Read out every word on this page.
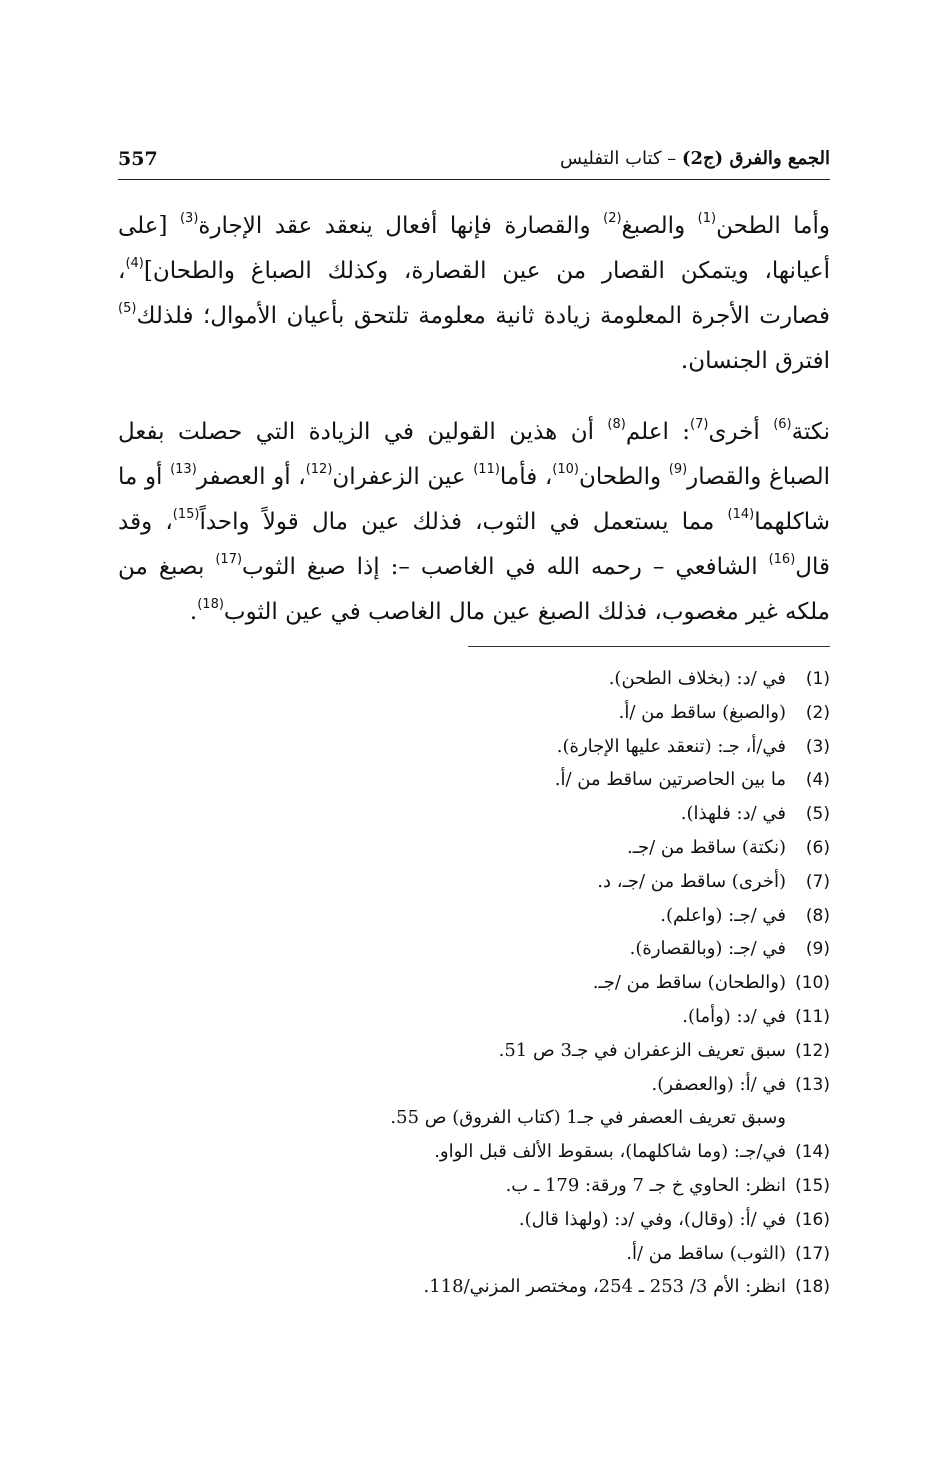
557	الجمع والفرق (ج2) – كتاب التفليس

وأما الطحن$^{(1)}$ والصبغ$^{(2)}$ والقصارة فإنها أفعال ينعقد عقد الإجارة$^{(3)}$ [على أعيانها، ويتمكن القصار من عين القصارة، وكذلك الصباغ والطحان]$^{(4)}$، فصارت الأجرة المعلومة زيادة ثانية معلومة تلتحق بأعيان الأموال؛ فلذلك$^{(5)}$ افترق الجنسان.

نكتة$^{(6)}$ أخرى$^{(7)}$: اعلم$^{(8)}$ أن هذين القولين في الزيادة التي حصلت بفعل الصباغ والقصار$^{(9)}$ والطحان$^{(10)}$، فأما$^{(11)}$ عين الزعفران$^{(12)}$، أو العصفر$^{(13)}$ أو ما شاكلهما$^{(14)}$ مما يستعمل في الثوب، فذلك عين مال قولاً واحداً$^{(15)}$، وقد قال$^{(16)}$ الشافعي – رحمه الله في الغاصب –: إذا صبغ الثوب$^{(17)}$ بصبغ من ملكه غير مغصوب، فذلك الصبغ عين مال الغاصب في عين الثوب$^{(18)}$.

(1)في /د: (بخلاف الطحن).
(2)(والصبغ) ساقط من /أ.
(3)في/أ، جـ: (تنعقد عليها الإجارة).
(4)ما بين الحاصرتين ساقط من /أ.
(5)في /د: فلهذا).
(6)(نكتة) ساقط من /جـ.
(7)(أخرى) ساقط من /جـ، د.
(8)في /جـ: (واعلم).
(9)في /جـ: (وبالقصارة).
(10)(والطحان) ساقط من /جـ.
(11)في /د: (وأما).
(12)سبق تعريف الزعفران في جـ3 ص 51.
(13)في /أ: (والعصفر).
وسبق تعريف العصفر في جـ1 (كتاب الفروق) ص 55.
(14)في/جـ: (وما شاكلهما)، بسقوط الألف قبل الواو.
(15)انظر: الحاوي خ جـ 7 ورقة: 179 ـ ب.
(16)في /أ: (وقال)، وفي /د: (ولهذا قال).
(17)(الثوب) ساقط من /أ.
(18)انظر: الأم 3/ 253 ـ 254، ومختصر المزني/118.
